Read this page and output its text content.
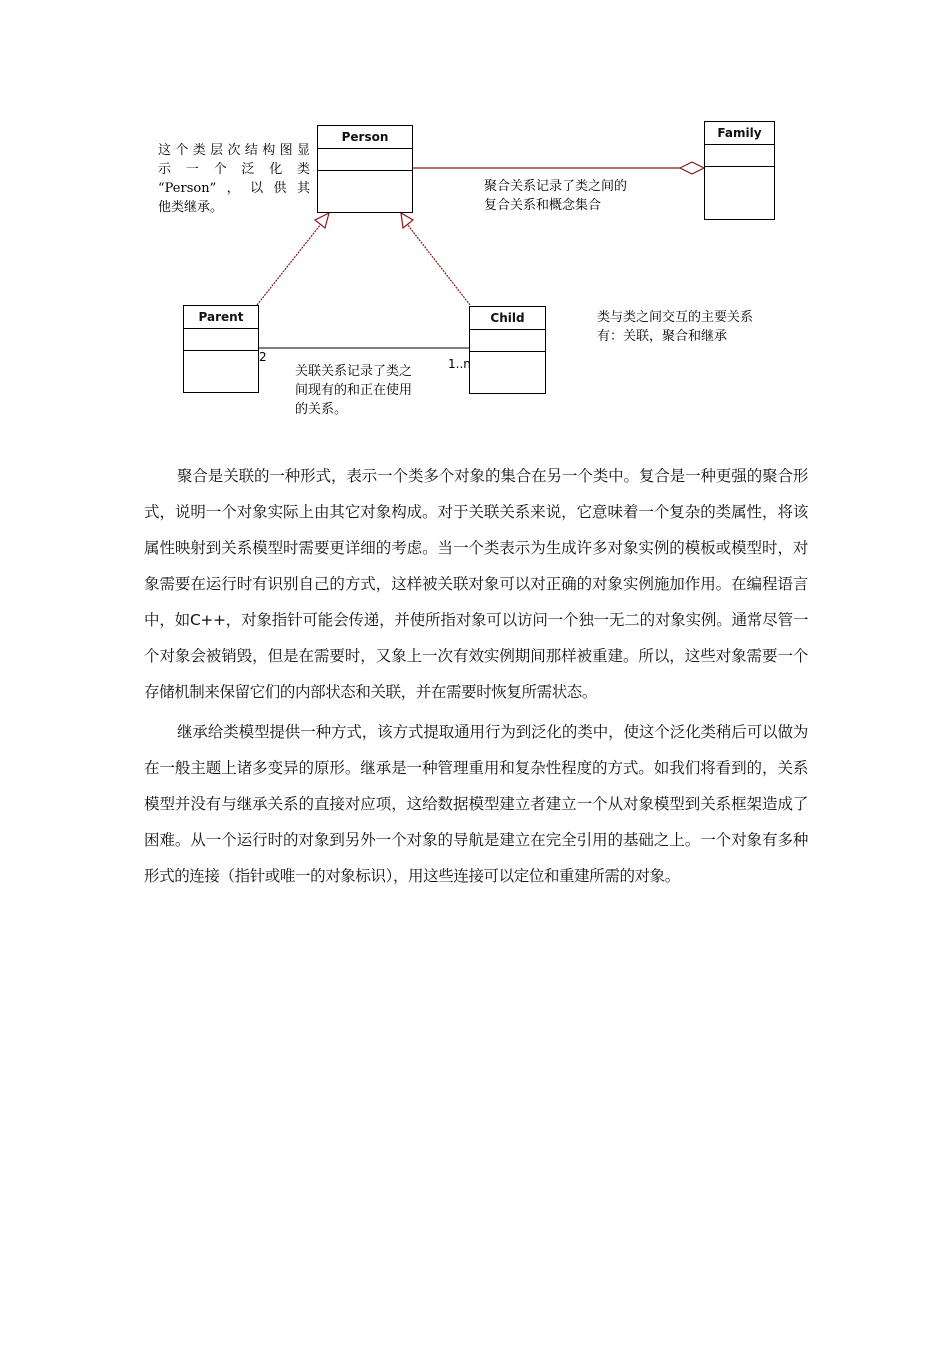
Person	Family
Parent	Child
这个类层次结构图显
示 一 个 泛 化 类
“Person”，以供其
他类继承。
聚合关系记录了类之间的
复合关系和概念集合
类与类之间交互的主要关系
有：关联，聚合和继承
关联关系记录了类之
间现有的和正在使用
的关系。
2	1..n

聚合是关联的一种形式，表示一个类多个对象的集合在另一个类中。复合是一种更强的聚合形式，说明一个对象实际上由其它对象构成。对于关联关系来说，它意味着一个复杂的类属性，将该属性映射到关系模型时需要更详细的考虑。当一个类表示为生成许多对象实例的模板或模型时，对象需要在运行时有识别自己的方式，这样被关联对象可以对正确的对象实例施加作用。在编程语言中，如C++，对象指针可能会传递，并使所指对象可以访问一个独一无二的对象实例。通常尽管一个对象会被销毁，但是在需要时，又象上一次有效实例期间那样被重建。所以，这些对象需要一个存储机制来保留它们的内部状态和关联，并在需要时恢复所需状态。

继承给类模型提供一种方式，该方式提取通用行为到泛化的类中，使这个泛化类稍后可以做为在一般主题上诸多变异的原形。继承是一种管理重用和复杂性程度的方式。如我们将看到的，关系模型并没有与继承关系的直接对应项，这给数据模型建立者建立一个从对象模型到关系框架造成了困难。从一个运行时的对象到另外一个对象的导航是建立在完全引用的基础之上。一个对象有多种形式的连接（指针或唯一的对象标识），用这些连接可以定位和重建所需的对象。
